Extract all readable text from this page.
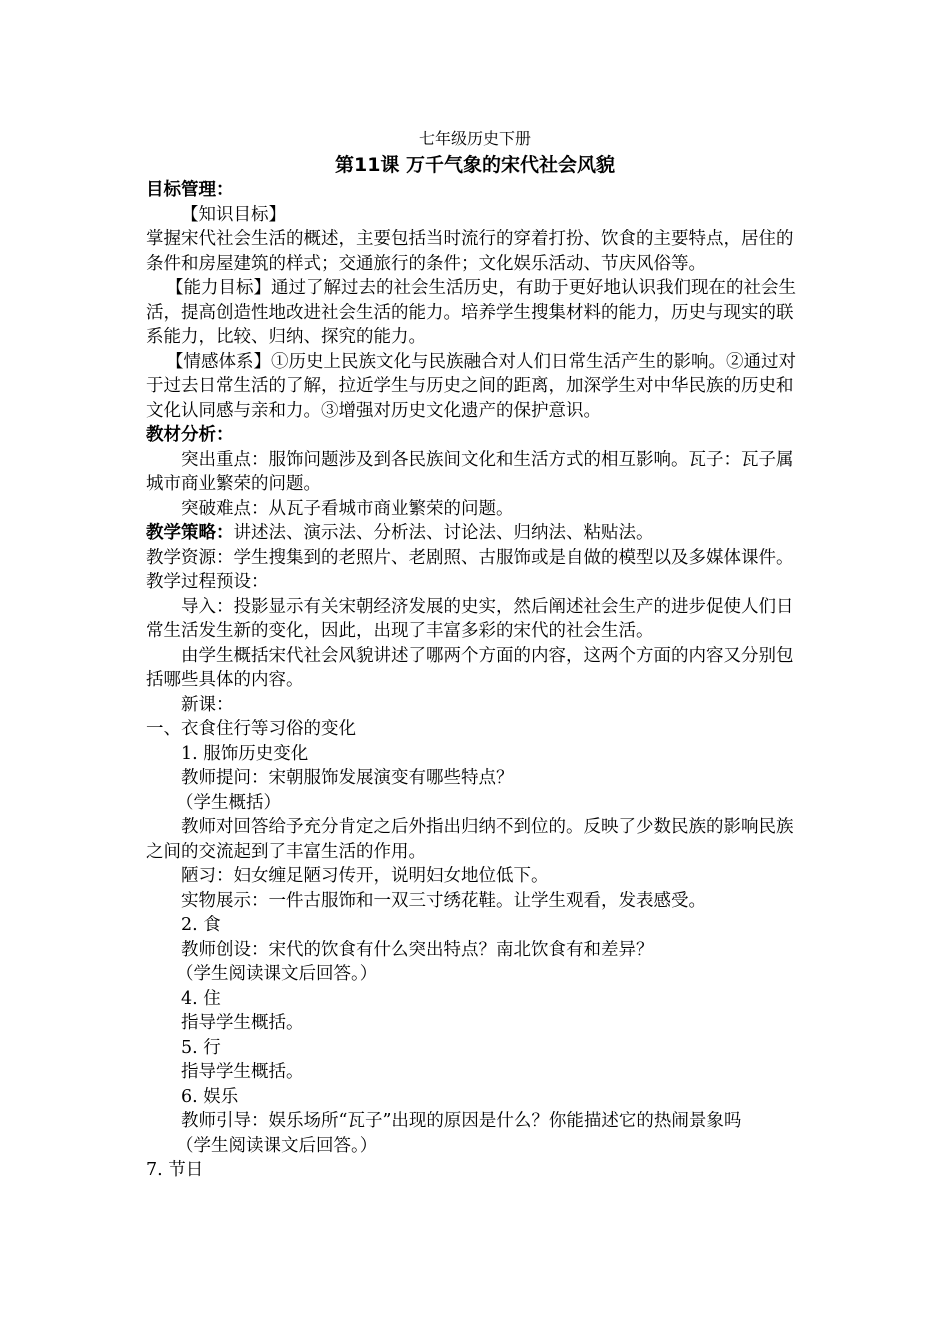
七年级历史下册
第11课 万千气象的宋代社会风貌

目标管理：

【知识目标】

掌握宋代社会生活的概述，主要包括当时流行的穿着打扮、饮食的主要特点，居住的条件和房屋建筑的样式；交通旅行的条件；文化娱乐活动、节庆风俗等。

【能力目标】通过了解过去的社会生活历史，有助于更好地认识我们现在的社会生活，提高创造性地改进社会生活的能力。培养学生搜集材料的能力，历史与现实的联系能力，比较、归纳、探究的能力。

【情感体系】①历史上民族文化与民族融合对人们日常生活产生的影响。②通过对于过去日常生活的了解，拉近学生与历史之间的距离，加深学生对中华民族的历史和文化认同感与亲和力。③增强对历史文化遗产的保护意识。

教材分析：

突出重点：服饰问题涉及到各民族间文化和生活方式的相互影响。瓦子：瓦子属城市商业繁荣的问题。

突破难点：从瓦子看城市商业繁荣的问题。

教学策略：讲述法、演示法、分析法、讨论法、归纳法、粘贴法。

教学资源：学生搜集到的老照片、老剧照、古服饰或是自做的模型以及多媒体课件。

教学过程预设：

导入：投影显示有关宋朝经济发展的史实，然后阐述社会生产的进步促使人们日常生活发生新的变化，因此，出现了丰富多彩的宋代的社会生活。

由学生概括宋代社会风貌讲述了哪两个方面的内容，这两个方面的内容又分别包括哪些具体的内容。

新课：

一、衣食住行等习俗的变化

1. 服饰历史变化

教师提问：宋朝服饰发展演变有哪些特点？

（学生概括）

教师对回答给予充分肯定之后外指出归纳不到位的。反映了少数民族的影响民族之间的交流起到了丰富生活的作用。

陋习：妇女缠足陋习传开，说明妇女地位低下。

实物展示：一件古服饰和一双三寸绣花鞋。让学生观看，发表感受。

2. 食

教师创设：宋代的饮食有什么突出特点？南北饮食有和差异？

（学生阅读课文后回答。）

4. 住

指导学生概括。

5. 行

指导学生概括。

6. 娱乐

教师引导：娱乐场所“瓦子”出现的原因是什么？你能描述它的热闹景象吗

（学生阅读课文后回答。）

7. 节日
